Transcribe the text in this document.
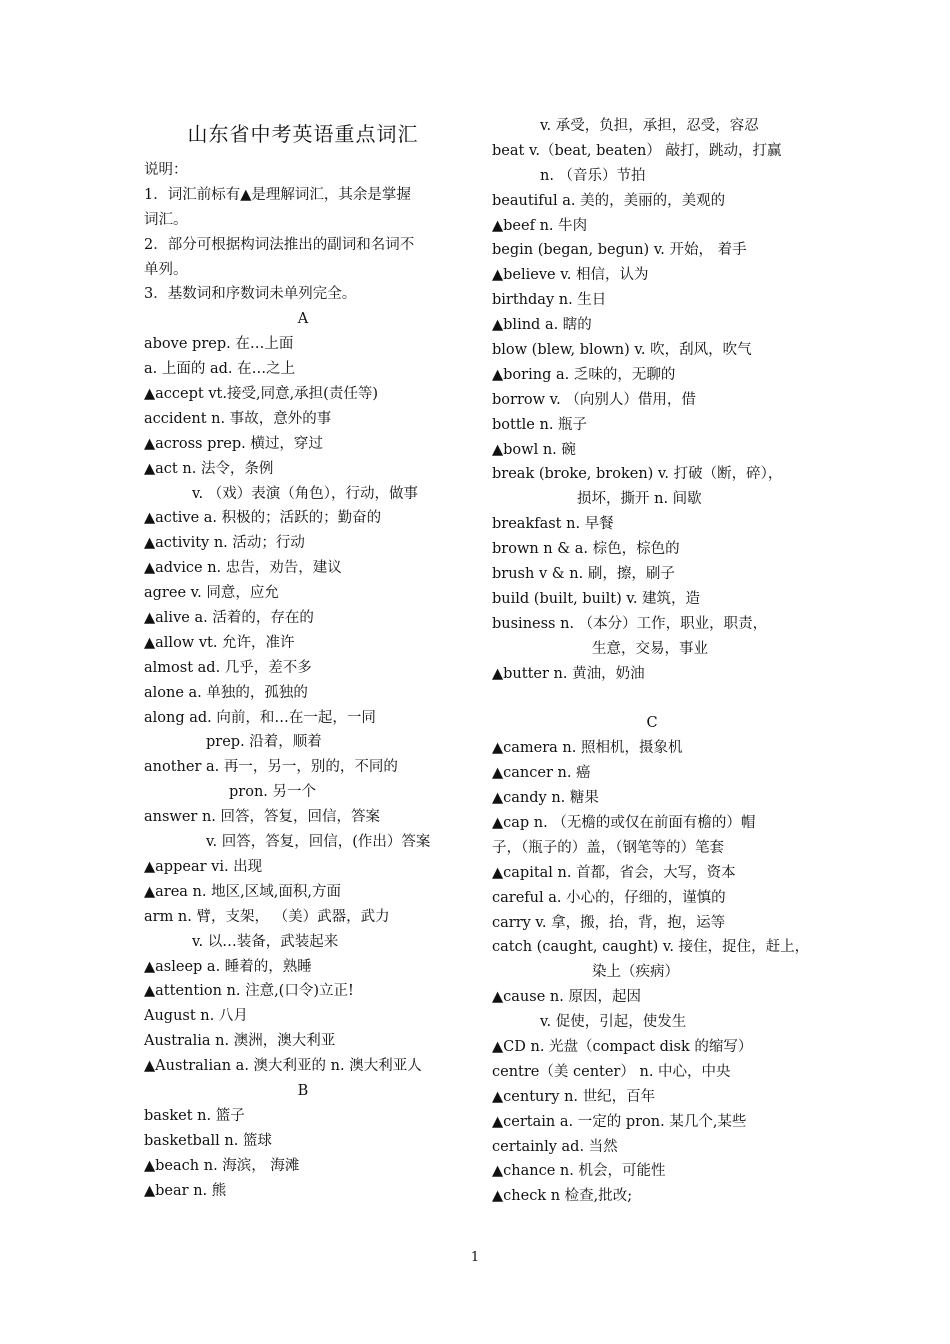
山东省中考英语重点词汇
说明：
1．词汇前标有▲是理解词汇，其余是掌握
词汇。
2．部分可根据构词法推出的副词和名词不
单列。
3．基数词和序数词未单列完全。
A
above prep. 在…上面
a. 上面的 ad. 在…之上
▲accept vt.接受,同意,承担(责任等)
accident n. 事故，意外的事
▲across prep. 横过，穿过
▲act n. 法令，条例
v. （戏）表演（角色），行动，做事
▲active a. 积极的；活跃的；勤奋的
▲activity n. 活动；行动
▲advice n. 忠告，劝告，建议
agree v. 同意，应允
▲alive a. 活着的，存在的
▲allow vt. 允许，准许
almost ad. 几乎，差不多
alone a. 单独的，孤独的
along ad. 向前，和…在一起，一同
prep. 沿着，顺着
another a. 再一，另一，别的，不同的
pron. 另一个
answer n. 回答，答复，回信，答案
v. 回答，答复，回信，(作出）答案
▲appear vi. 出现
▲area n. 地区,区域,面积,方面
arm n. 臂，支架， （美）武器，武力
v. 以…装备，武装起来
▲asleep a. 睡着的，熟睡
▲attention n. 注意,(口令)立正!
August n. 八月
Australia n. 澳洲，澳大利亚
▲Australian a. 澳大利亚的 n. 澳大利亚人
B
basket n. 篮子
basketball n. 篮球
▲beach n. 海滨， 海滩
▲bear n. 熊
v. 承受，负担，承担，忍受，容忍
beat v.（beat, beaten） 敲打，跳动，打赢
n. （音乐）节拍
beautiful a. 美的，美丽的，美观的
▲beef n. 牛肉
begin (began, begun) v. 开始， 着手
▲believe v. 相信，认为
birthday n. 生日
▲blind a. 瞎的
blow (blew, blown) v. 吹，刮风，吹气
▲boring a. 乏味的，无聊的
borrow v. （向别人）借用，借
bottle n. 瓶子
▲bowl n. 碗
break (broke, broken) v. 打破（断，碎），
损坏，撕开 n. 间歇
breakfast n. 早餐
brown n & a. 棕色，棕色的
brush v & n. 刷，擦，刷子
build (built, built) v. 建筑，造
business n. （本分）工作，职业，职责，
生意，交易，事业
▲butter n. 黄油，奶油
C
▲camera n. 照相机，摄象机
▲cancer n. 癌
▲candy n. 糖果
▲cap n. （无檐的或仅在前面有檐的）帽
子，（瓶子的）盖，（钢笔等的）笔套
▲capital n. 首都，省会，大写，资本
careful a. 小心的，仔细的，谨慎的
carry v. 拿，搬，抬，背，抱，运等
catch (caught, caught) v. 接住，捉住，赶上，
染上（疾病）
▲cause n. 原因，起因
v. 促使，引起，使发生
▲CD n. 光盘（compact disk 的缩写）
centre（美 center） n. 中心，中央
▲century n. 世纪，百年
▲certain a. 一定的 pron. 某几个,某些
certainly ad. 当然
▲chance n. 机会，可能性
▲check n 检查,批改;
1
